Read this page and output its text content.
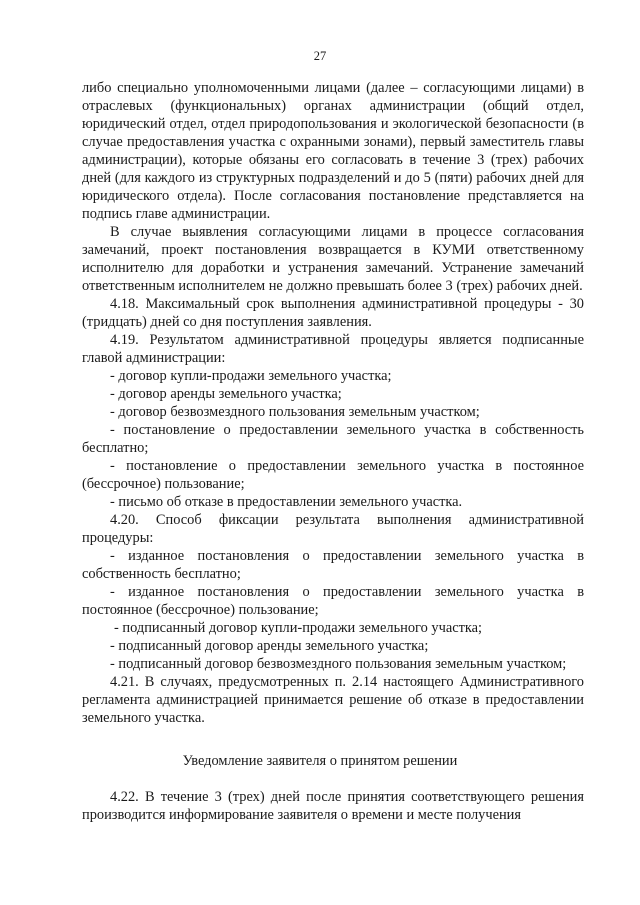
27

либо специально уполномоченными лицами (далее – согласующими лицами) в отраслевых (функциональных) органах администрации (общий отдел, юридический отдел, отдел природопользования и экологической безопасности (в случае предоставления участка с охранными зонами), первый заместитель главы администрации), которые обязаны его согласовать в течение 3 (трех) рабочих дней (для каждого из структурных подразделений и до 5 (пяти) рабочих дней для юридического отдела). После согласования постановление представляется на подпись главе администрации.

В случае выявления согласующими лицами в процессе согласования замечаний, проект постановления возвращается в КУМИ ответственному исполнителю для доработки и устранения замечаний. Устранение замечаний ответственным исполнителем не должно превышать более 3 (трех) рабочих дней.

4.18. Максимальный срок выполнения административной процедуры - 30 (тридцать) дней со дня поступления заявления.

4.19. Результатом административной процедуры является подписанные главой администрации:

- договор купли-продажи земельного участка;

- договор аренды земельного участка;

- договор безвозмездного пользования земельным участком;

- постановление о предоставлении земельного участка в собственность бесплатно;

- постановление о предоставлении земельного участка в постоянное (бессрочное) пользование;

- письмо об отказе в предоставлении земельного участка.

4.20. Способ фиксации результата выполнения административной процедуры:

- изданное постановления о предоставлении земельного участка в собственность бесплатно;

- изданное постановления о предоставлении земельного участка в постоянное (бессрочное) пользование;

- подписанный договор купли-продажи земельного участка;

- подписанный договор аренды земельного участка;

- подписанный договор безвозмездного пользования земельным участком;

4.21. В случаях, предусмотренных п. 2.14 настоящего Административного регламента администрацией принимается решение об отказе в предоставлении земельного участка.

Уведомление заявителя о принятом решении

4.22. В течение 3 (трех) дней после принятия соответствующего решения производится информирование заявителя о времени и месте получения
